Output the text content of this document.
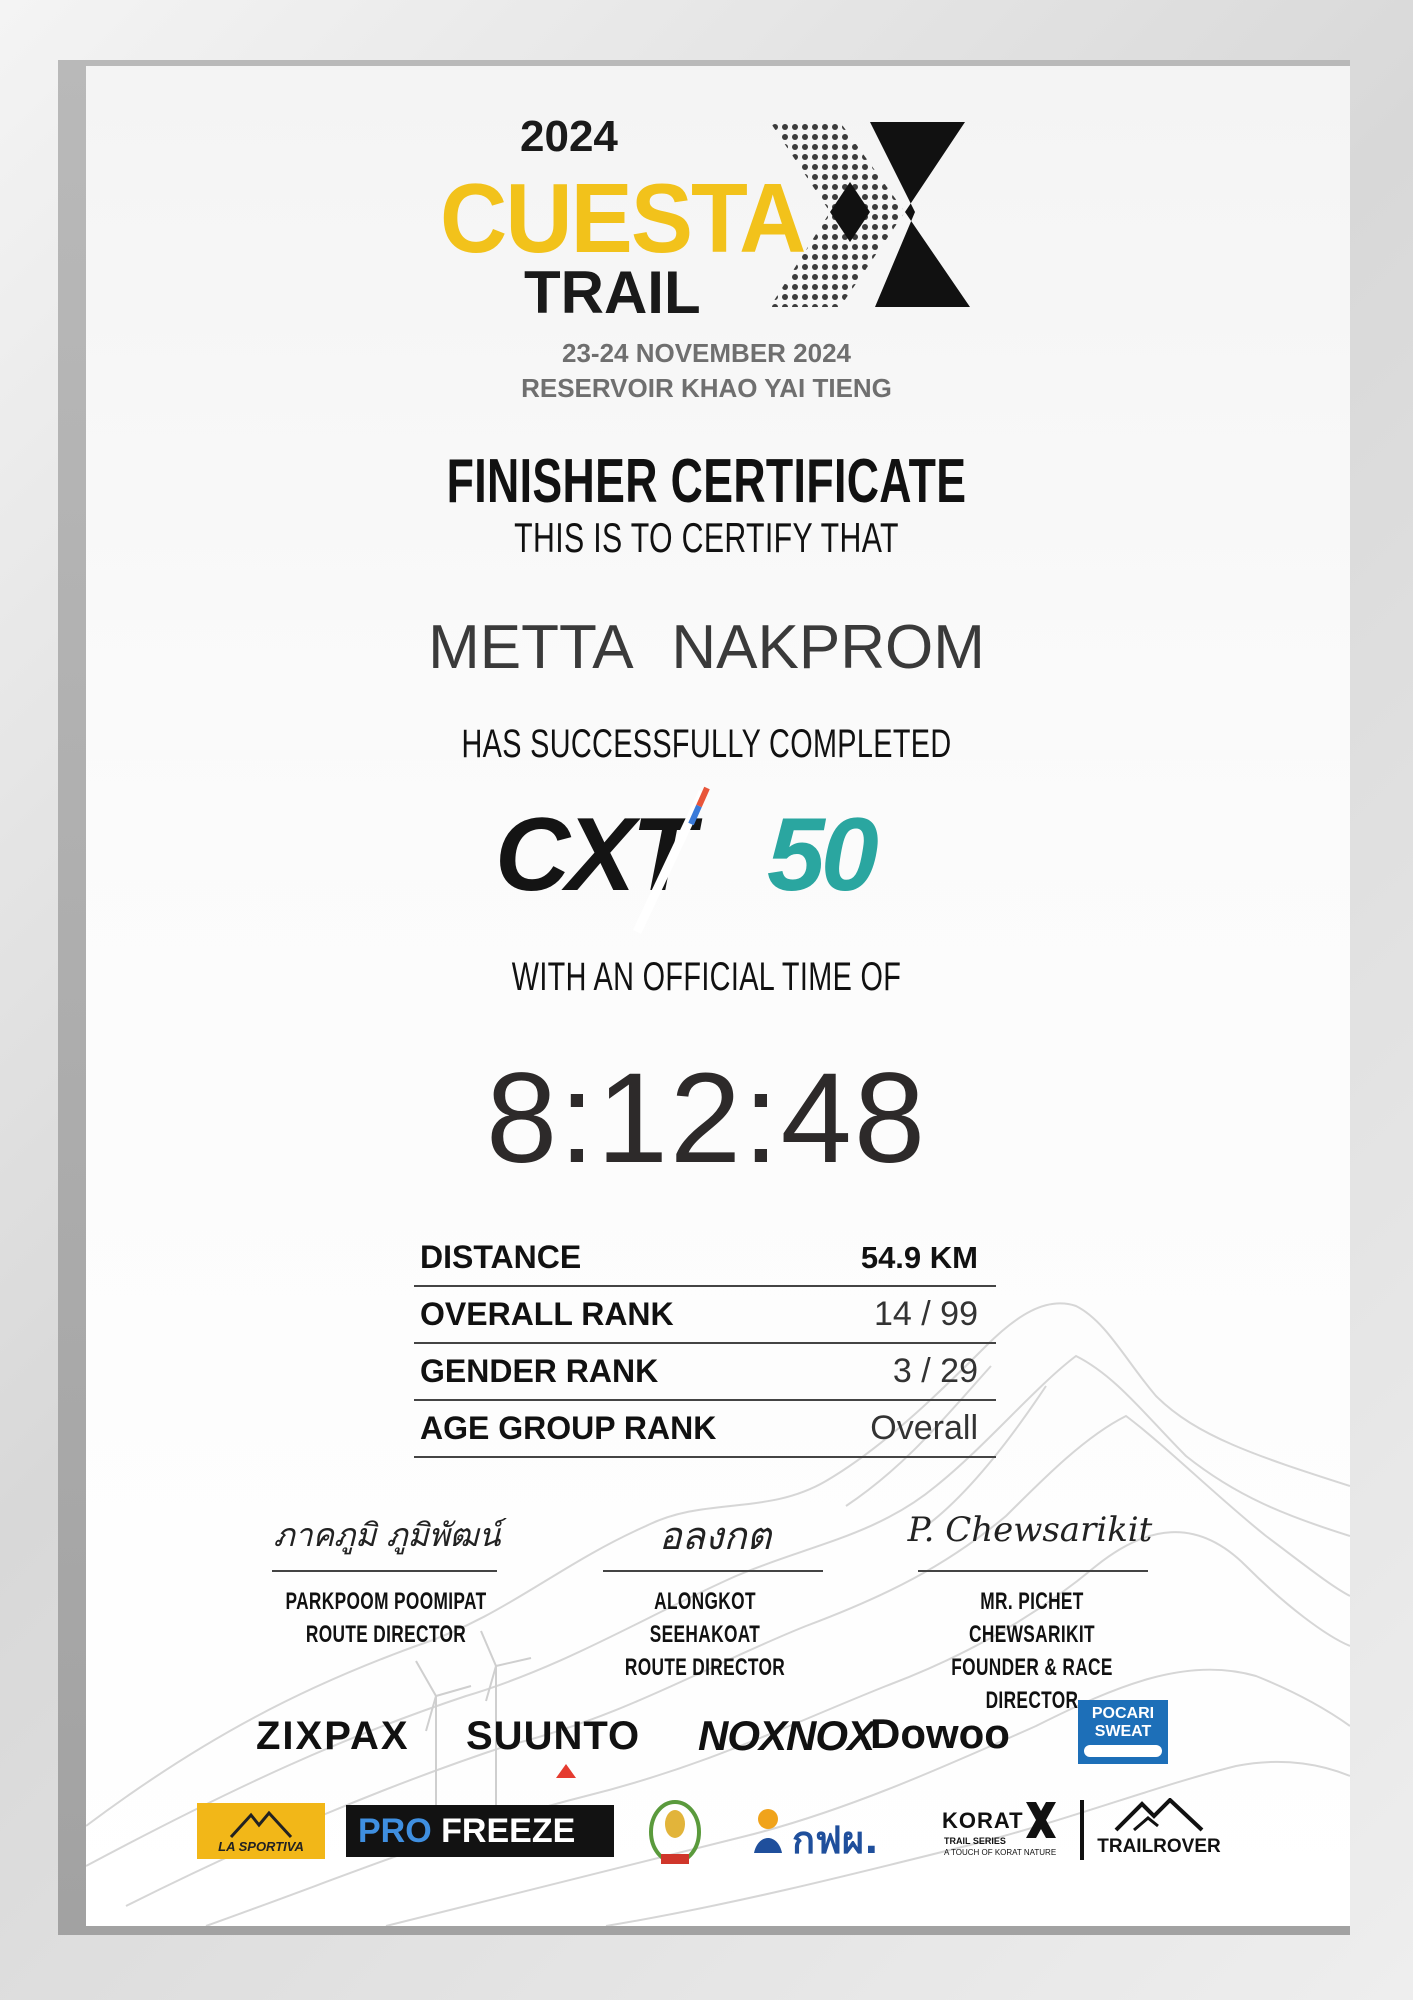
2024
CUESTA
TRAIL
23-24 NOVEMBER 2024
RESERVOIR KHAO YAI TIENG
FINISHER CERTIFICATE
THIS IS TO CERTIFY THAT
METTA NAKPROM
HAS SUCCESSFULLY COMPLETED
CXT 50
WITH AN OFFICIAL TIME OF
8:12:48
DISTANCE	54.9 KM
OVERALL RANK	14 / 99
GENDER RANK	3 / 29
AGE GROUP RANK	Overall
ภาคภูมิ ภูมิพัฒน์
PARKPOOM POOMIPAT
ROUTE DIRECTOR
อลงกต
ALONGKOT SEEHAKOAT
ROUTE DIRECTOR
P. Chewsarikit
MR. PICHET CHEWSARIKIT
FOUNDER & RACE DIRECTOR
ZIXPAX SUUNTO NOXNOX
Dowoo	POCARI
SWEAT
LA SPORTIVA	PRO FREEZE	กฟผ.	KORAT
TRAIL SERIES
A TOUCH OF KORAT NATURE TRAILROVER
